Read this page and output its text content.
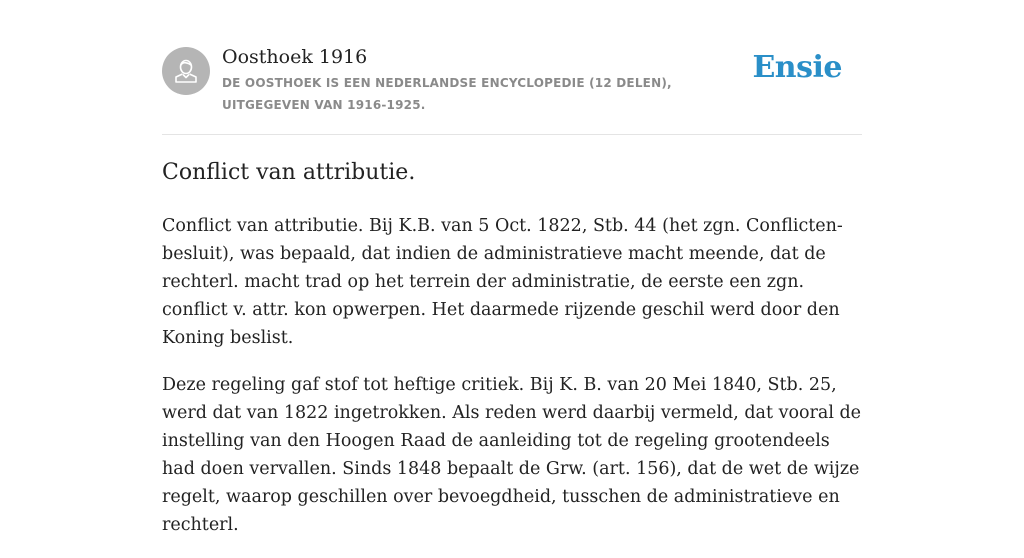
Oosthoek 1916
DE OOSTHOEK IS EEN NEDERLANDSE ENCYCLOPEDIE (12 DELEN), UITGEGEVEN VAN 1916-1925.
Ensie
Conflict van attributie.

Conflict van attributie. Bij K.B. van 5 Oct. 1822, Stb. 44 (het zgn. Conflicten-besluit), was bepaald, dat indien de administratieve macht meende, dat de rechterl. macht trad op het terrein der administratie, de eerste een zgn. conflict v. attr. kon opwerpen. Het daarmede rijzende geschil werd door den Koning beslist.

Deze regeling gaf stof tot heftige critiek. Bij K. B. van 20 Mei 1840, Stb. 25, werd dat van 1822 ingetrokken. Als reden werd daarbij vermeld, dat vooral de instelling van den Hoogen Raad de aanleiding tot de regeling grootendeels had doen vervallen. Sinds 1848 bepaalt de Grw. (art. 156), dat de wet de wijze regelt, waarop geschillen over bevoegdheid, tusschen de administratieve en rechterl.
